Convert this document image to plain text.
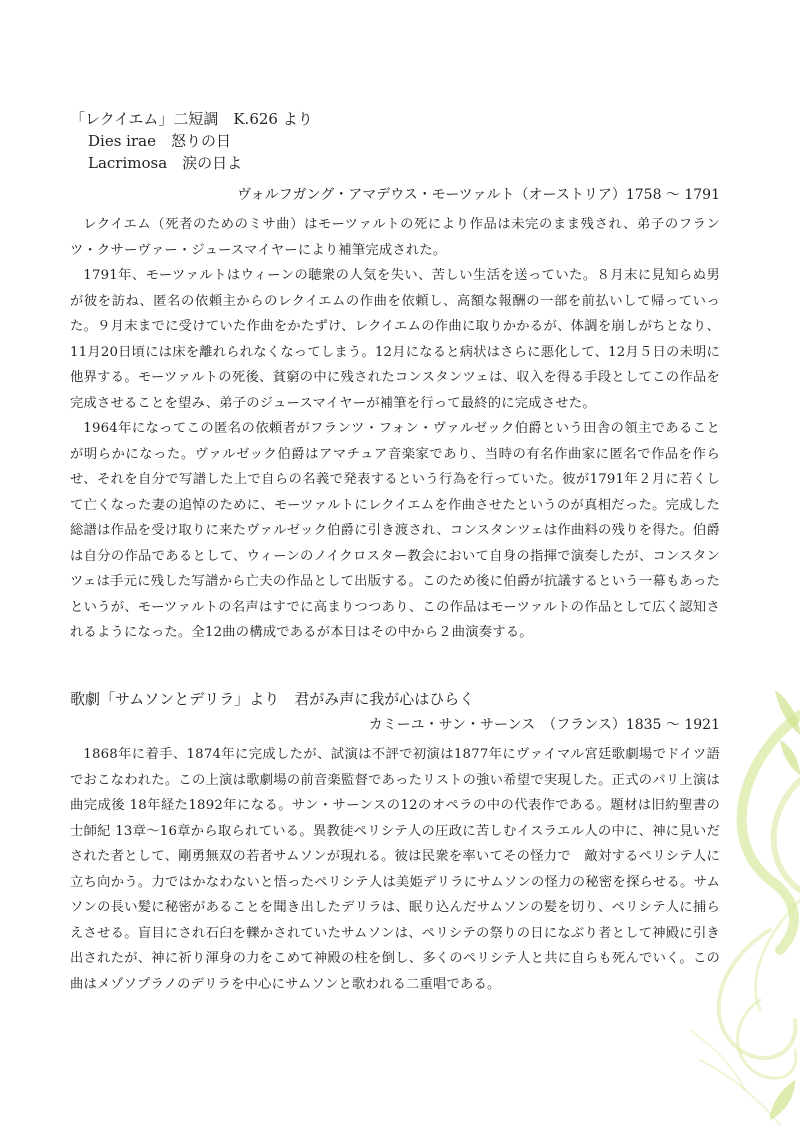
「レクイエム」二短調　K.626 より

Dies irae　怒りの日

Lacrimosa　涙の日よ

ヴォルフガング・アマデウス・モーツァルト（オーストリア）1758 ～ 1791

レクイエム（死者のためのミサ曲）はモーツァルトの死により作品は未完のまま残され、弟子のフランツ・クサーヴァー・ジュースマイヤーにより補筆完成された。

1791年、モーツァルトはウィーンの聴衆の人気を失い、苦しい生活を送っていた。８月末に見知らぬ男が彼を訪ね、匿名の依頼主からのレクイエムの作曲を依頼し、高額な報酬の一部を前払いして帰っていった。９月末までに受けていた作曲をかたずけ、レクイエムの作曲に取りかかるが、体調を崩しがちとなり、11月20日頃には床を離れられなくなってしまう。12月になると病状はさらに悪化して、12月５日の未明に他界する。モーツァルトの死後、貧窮の中に残されたコンスタンツェは、収入を得る手段としてこの作品を完成させることを望み、弟子のジュースマイヤーが補筆を行って最終的に完成させた。

1964年になってこの匿名の依頼者がフランツ・フォン・ヴァルゼック伯爵という田舎の領主であることが明らかになった。ヴァルゼック伯爵はアマチュア音楽家であり、当時の有名作曲家に匿名で作品を作らせ、それを自分で写譜した上で自らの名義で発表するという行為を行っていた。彼が1791年２月に若くして亡くなった妻の追悼のために、モーツァルトにレクイエムを作曲させたというのが真相だった。完成した総譜は作品を受け取りに来たヴァルゼック伯爵に引き渡され、コンスタンツェは作曲料の残りを得た。伯爵は自分の作品であるとして、ウィーンのノイクロスター教会において自身の指揮で演奏したが、コンスタンツェは手元に残した写譜から亡夫の作品として出版する。このため後に伯爵が抗議するという一幕もあったというが、モーツァルトの名声はすでに高まりつつあり、この作品はモーツァルトの作品として広く認知されるようになった。全12曲の構成であるが本日はその中から２曲演奏する。

歌劇「サムソンとデリラ」より　君がみ声に我が心はひらく

カミーユ・サン・サーンス　（フランス）1835 ～ 1921

1868年に着手、1874年に完成したが、試演は不評で初演は1877年にヴァイマル宮廷歌劇場でドイツ語でおこなわれた。この上演は歌劇場の前音楽監督であったリストの強い希望で実現した。正式のパリ上演は曲完成後 18年経た1892年になる。サン・サーンスの12のオペラの中の代表作である。題材は旧約聖書の士師紀 13章～16章から取られている。異教徒ペリシテ人の圧政に苦しむイスラエル人の中に、神に見いだされた者として、剛勇無双の若者サムソンが現れる。彼は民衆を率いてその怪力で　敵対するペリシテ人に立ち向かう。力ではかなわないと悟ったペリシテ人は美姫デリラにサムソンの怪力の秘密を探らせる。サムソンの長い髪に秘密があることを聞き出したデリラは、眠り込んだサムソンの髪を切り、ペリシテ人に捕らえさせる。盲目にされ石臼を轢かされていたサムソンは、ペリシテの祭りの日になぶり者として神殿に引き出されたが、神に祈り渾身の力をこめて神殿の柱を倒し、多くのペリシテ人と共に自らも死んでいく。この曲はメゾソプラノのデリラを中心にサムソンと歌われる二重唱である。
